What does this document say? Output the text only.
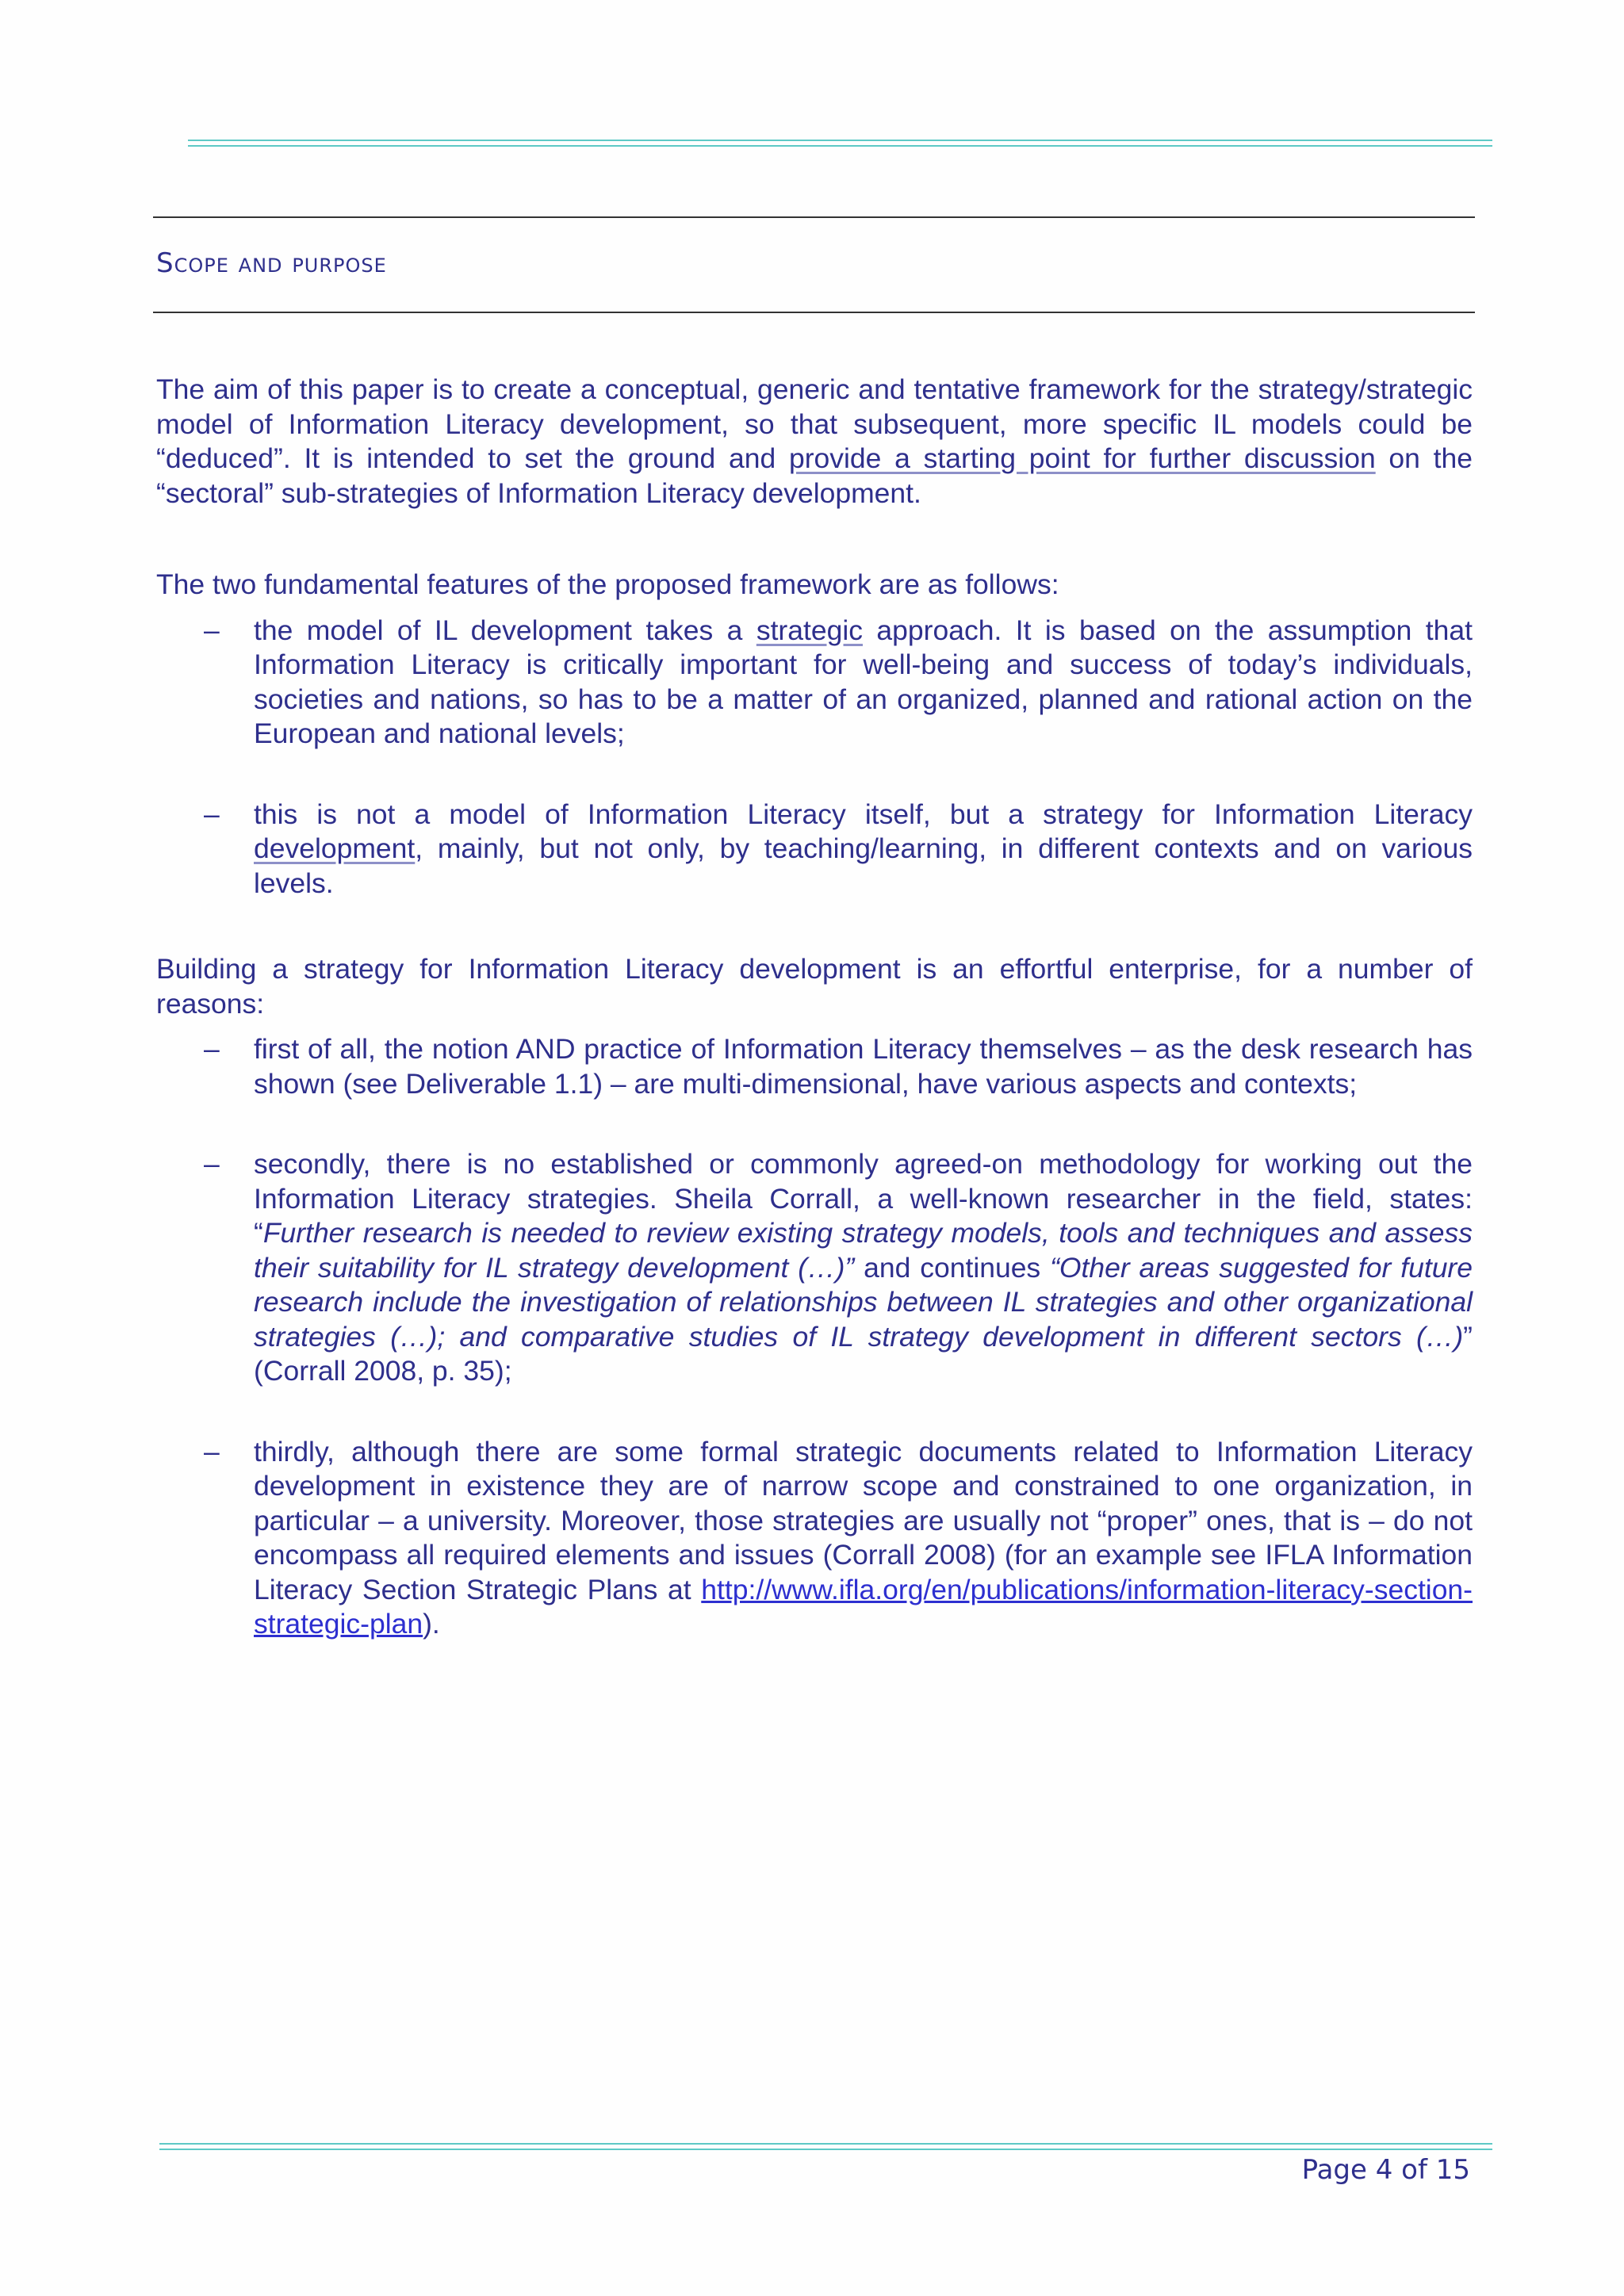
Scope and purpose

The aim of this paper is to create a conceptual, generic and tentative framework for the strategy/strategic model of Information Literacy development, so that subsequent, more specific IL models could be “deduced”. It is intended to set the ground and provide a starting point for further discussion on the “sectoral” sub-strategies of Information Literacy development.

The two fundamental features of the proposed framework are as follows:

– the model of IL development takes a strategic approach. It is based on the assumption that Information Literacy is critically important for well-being and success of today’s individuals, societies and nations, so has to be a matter of an organized, planned and rational action on the European and national levels;
– this is not a model of Information Literacy itself, but a strategy for Information Literacy development, mainly, but not only, by teaching/learning, in different contexts and on various levels.

Building a strategy for Information Literacy development is an effortful enterprise, for a number of reasons:

– first of all, the notion AND practice of Information Literacy themselves – as the desk research has shown (see Deliverable 1.1) – are multi-dimensional, have various aspects and contexts;
– secondly, there is no established or commonly agreed-on methodology for working out the Information Literacy strategies. Sheila Corrall, a well-known researcher in the field, states: “Further research is needed to review existing strategy models, tools and techniques and assess their suitability for IL strategy development (…)” and continues “Other areas suggested for future research include the investigation of relationships between IL strategies and other organizational strategies (…); and comparative studies of IL strategy development in different sectors (…)” (Corrall 2008, p. 35);
– thirdly, although there are some formal strategic documents related to Information Literacy development in existence they are of narrow scope and constrained to one organization, in particular – a university. Moreover, those strategies are usually not “proper” ones, that is – do not encompass all required elements and issues (Corrall 2008) (for an example see IFLA Information Literacy Section Strategic Plans at http://www.ifla.org/en/publications/information-literacy-section-strategic-plan).
Page 4 of 15
